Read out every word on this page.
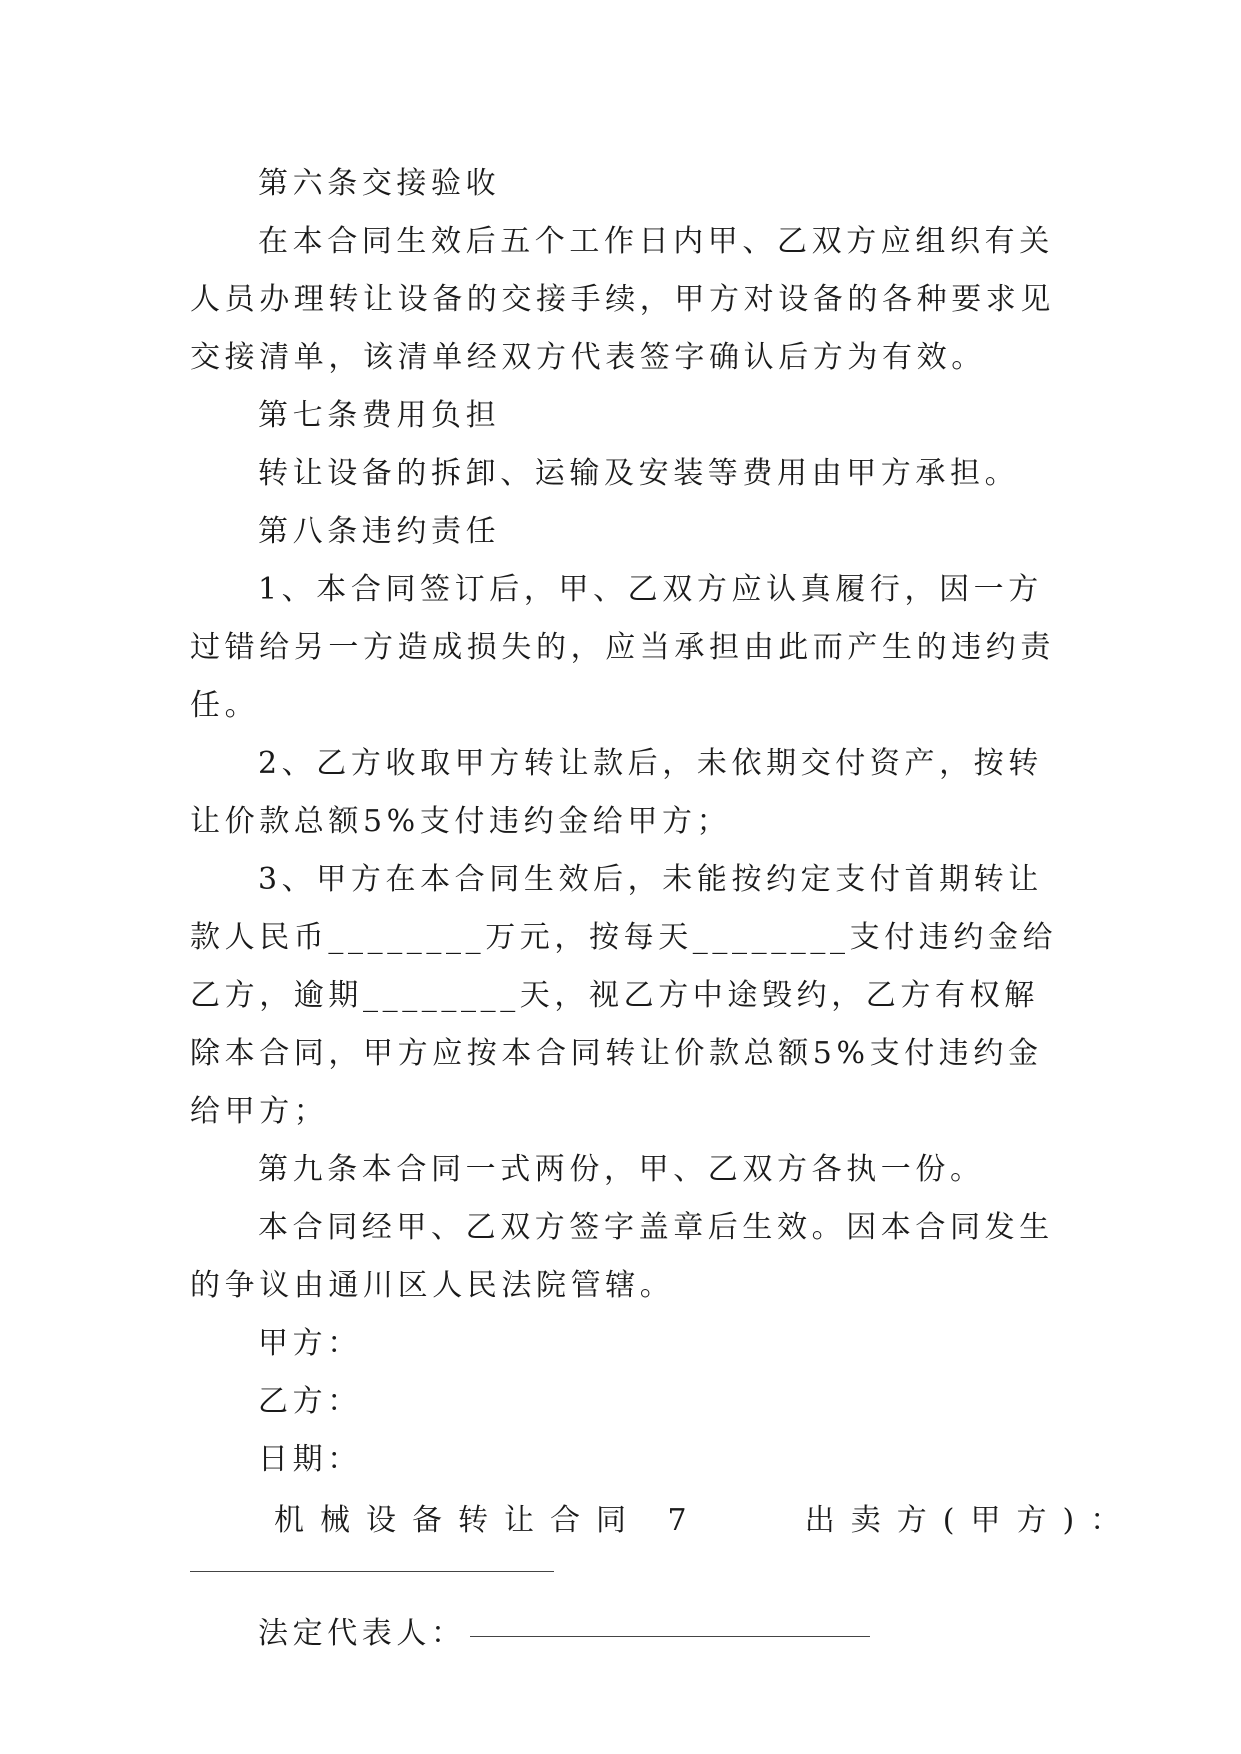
第六条交接验收

在本合同生效后五个工作日内甲、乙双方应组织有关人员办理转让设备的交接手续，甲方对设备的各种要求见交接清单，该清单经双方代表签字确认后方为有效。

第七条费用负担

转让设备的拆卸、运输及安装等费用由甲方承担。

第八条违约责任

1、本合同签订后，甲、乙双方应认真履行，因一方过错给另一方造成损失的，应当承担由此而产生的违约责任。

2、乙方收取甲方转让款后，未依期交付资产，按转让价款总额5%支付违约金给甲方；

3、甲方在本合同生效后，未能按约定支付首期转让款人民币________万元，按每天________支付违约金给乙方，逾期________天，视乙方中途毁约，乙方有权解除本合同，甲方应按本合同转让价款总额5%支付违约金给甲方；

第九条本合同一式两份，甲、乙双方各执一份。

本合同经甲、乙双方签字盖章后生效。因本合同发生的争议由通川区人民法院管辖。

甲方：

乙方：

日期：

机械设备转让合同 7	出卖方(甲方)：

法定代表人：
